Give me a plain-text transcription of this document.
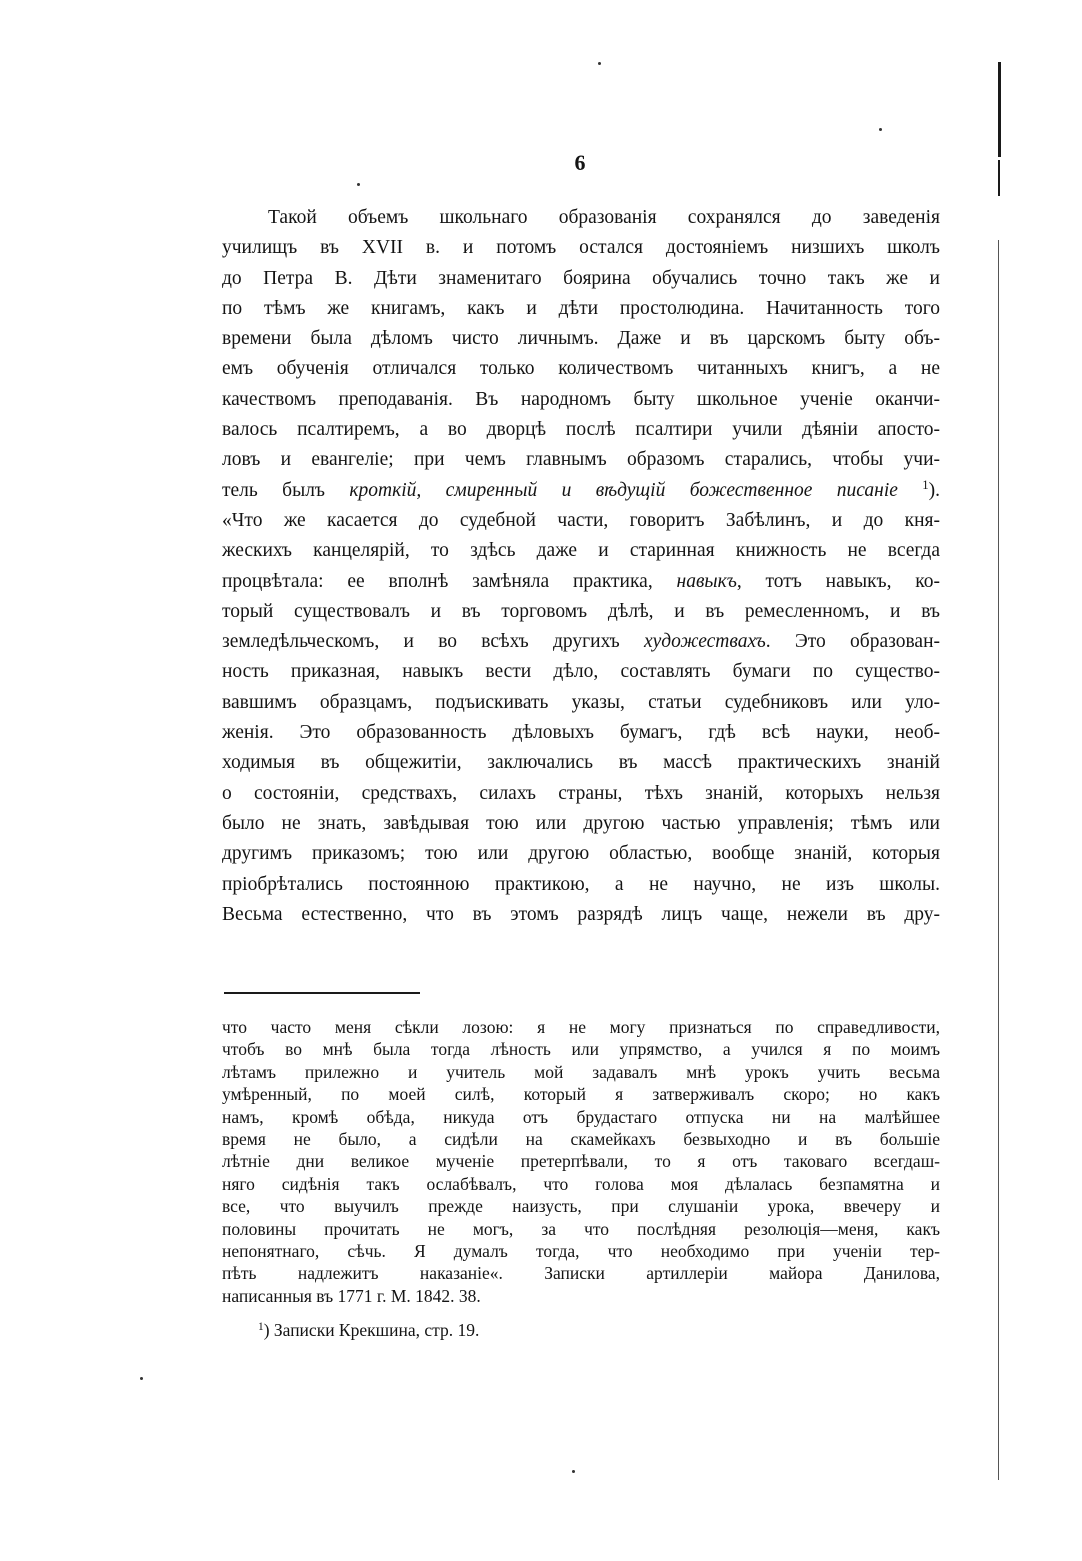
6
Такой объемъ школьнаго образованія сохранялся до заведенія
училищъ въ XVII в. и потомъ остался достояніемъ низшихъ школъ
до Петра В. Дѣти знаменитаго боярина обучались точно такъ же и
по тѣмъ же книгамъ, какъ и дѣти простолюдина. Начитанность того
времени была дѣломъ чисто личнымъ. Даже и въ царскомъ быту объ-
емъ обученія отличался только количествомъ читанныхъ книгъ, а не
качествомъ преподаванія. Въ народномъ быту школьное ученіе оканчи-
валось псалтиремъ, а во дворцѣ послѣ псалтири учили дѣяніи апосто-
ловъ и евангеліе; при чемъ главнымъ образомъ старались, чтобы учи-
тель былъ кроткій, смиренный и вѣдущій божественное писаніе $^1$).
«Что же касается до судебной части, говоритъ Забѣлинъ, и до кня-
жескихъ канцелярій, то здѣсь даже и старинная книжность не всегда
процвѣтала: ее вполнѣ замѣняла практика, навыкъ, тотъ навыкъ, ко-
торый существовалъ и въ торговомъ дѣлѣ, и въ ремесленномъ, и въ
земледѣльческомъ, и во всѣхъ другихъ художествахъ. Это образован-
ность приказная, навыкъ вести дѣло, составлять бумаги по существо-
вавшимъ образцамъ, подъискивать указы, статьи судебниковъ или уло-
женія. Это образованность дѣловыхъ бумагъ, гдѣ всѣ науки, необ-
ходимыя въ общежитіи, заключались въ массѣ практическихъ знаній
о состояніи, средствахъ, силахъ страны, тѣхъ знаній, которыхъ нельзя
было не знать, завѣдывая тою или другою частью управленія; тѣмъ или
другимъ приказомъ; тою или другою областью, вообще знаній, которыя
пріобрѣтались постоянною практикою, а не научно, не изъ школы.
Весьма естественно, что въ этомъ разрядѣ лицъ чаще, нежели въ дру-
что часто меня сѣкли лозою: я не могу признаться по справедливости,
чтобъ во мнѣ была тогда лѣность или упрямство, а учился я по моимъ
лѣтамъ прилежно и учитель мой задавалъ мнѣ урокъ учить весьма
умѣренный, по моей силѣ, который я затверживалъ скоро; но какъ
намъ, кромѣ обѣда, никуда отъ брудастаго отпуска ни на малѣйшее
время не было, а сидѣли на скамейкахъ безвыходно и въ большіе
лѣтніе дни великое мученіе претерпѣвали, то я отъ таковаго всегдаш-
няго сидѣнія такъ ослабѣвалъ, что голова моя дѣлалась безпамятна и
все, что выучилъ прежде наизусть, при слушаніи урока, ввечеру и
половины прочитать не могъ, за что послѣдняя резолюція—меня, какъ
непонятнаго, сѣчь. Я думалъ тогда, что необходимо при ученіи тер-
пѣть надлежитъ наказаніе«. Записки артиллеріи майора Данилова,
написанныя въ 1771 г. М. 1842. 38.
$^1$) Записки Крекшина, стр. 19.
